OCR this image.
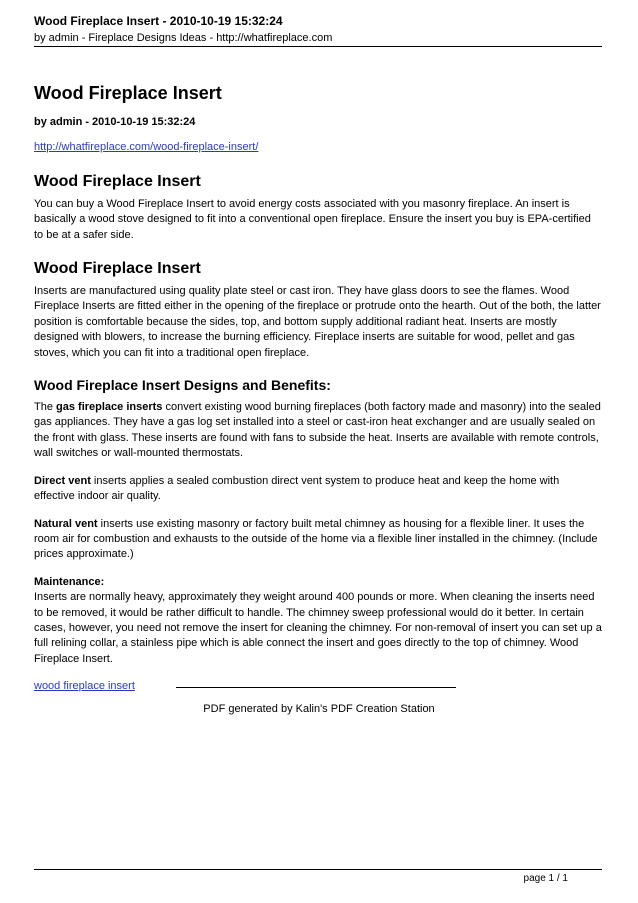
Wood Fireplace Insert - 2010-10-19 15:32:24
by admin - Fireplace Designs Ideas - http://whatfireplace.com
Wood Fireplace Insert
by admin - 2010-10-19 15:32:24
http://whatfireplace.com/wood-fireplace-insert/
Wood Fireplace Insert

You can buy a Wood Fireplace Insert to avoid energy costs associated with you masonry fireplace. An insert is basically a wood stove designed to fit into a conventional open fireplace. Ensure the insert you buy is EPA-certified to be at a safer side.

Wood Fireplace Insert

Inserts are manufactured using quality plate steel or cast iron. They have glass doors to see the flames. Wood Fireplace Inserts are fitted either in the opening of the fireplace or protrude onto the hearth. Out of the both, the latter position is comfortable because the sides, top, and bottom supply additional radiant heat. Inserts are mostly designed with blowers, to increase the burning efficiency. Fireplace inserts are suitable for wood, pellet and gas stoves, which you can fit into a traditional open fireplace.

Wood Fireplace Insert Designs and Benefits:

The gas fireplace inserts convert existing wood burning fireplaces (both factory made and masonry) into the sealed gas appliances. They have a gas log set installed into a steel or cast-iron heat exchanger and are usually sealed on the front with glass. These inserts are found with fans to subside the heat. Inserts are available with remote controls, wall switches or wall-mounted thermostats.

Direct vent inserts applies a sealed combustion direct vent system to produce heat and keep the home with effective indoor air quality.

Natural vent inserts use existing masonry or factory built metal chimney as housing for a flexible liner. It uses the room air for combustion and exhausts to the outside of the home via a flexible liner installed in the chimney. (Include prices approximate.)

Maintenance:
Inserts are normally heavy, approximately they weight around 400 pounds or more. When cleaning the inserts need to be removed, it would be rather difficult to handle. The chimney sweep professional would do it better. In certain cases, however, you need not remove the insert for cleaning the chimney. For non-removal of insert you can set up a full relining collar, a stainless pipe which is able connect the insert and goes directly to the top of chimney. Wood Fireplace Insert.

wood fireplace insert
PDF generated by Kalin's PDF Creation Station
page 1 / 1
